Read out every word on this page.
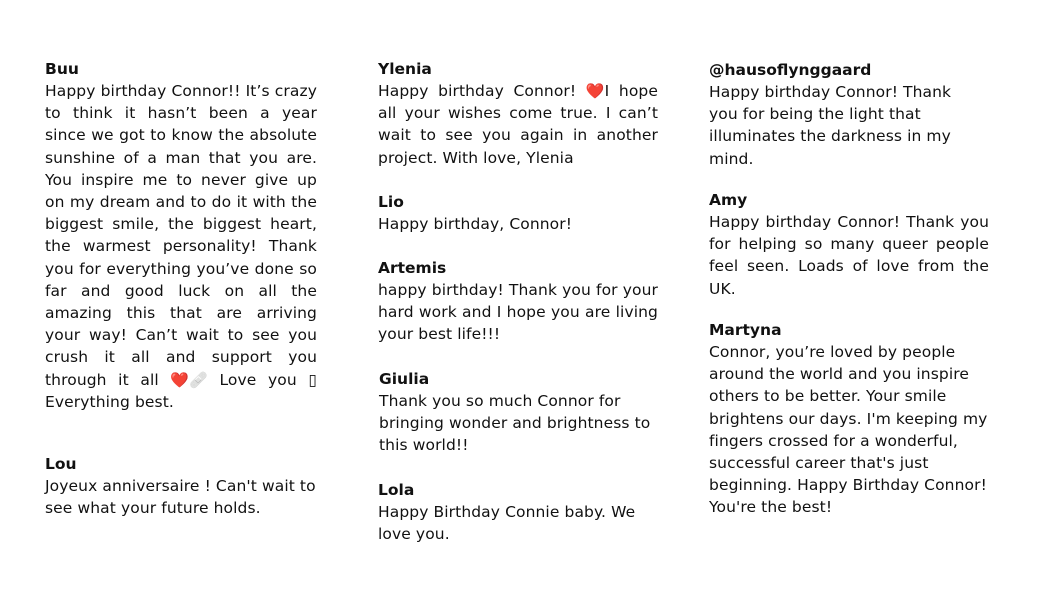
Buu

Happy birthday Connor!! It’s crazy to think it hasn’t been a year since we got to know the absolute sunshine of a man that you are. You inspire me to never give up on my dream and to do it with the biggest smile, the biggest heart, the warmest personality! Thank you for everything you’ve done so far and good luck on all the amazing this that are arriving your way! Can’t wait to see you crush it all and support you through it all ❤️🩹 Love you ▯ Everything best.

Lou

Joyeux anniversaire ! Can't wait to see what your future holds.

Ylenia

Happy birthday Connor! ❤️I hope all your wishes come true. I can’t wait to see you again in another project. With love, Ylenia

Lio

Happy birthday, Connor!

Artemis

happy birthday! Thank you for your hard work and I hope you are living your best life!!!

Giulia

Thank you so much Connor for bringing wonder and brightness to this world!!

Lola

Happy Birthday Connie baby. We love you.

@hausoflynggaard

Happy birthday Connor! Thank you for being the light that illuminates the darkness in my mind.

Amy

Happy birthday Connor! Thank you for helping so many queer people feel seen. Loads of love from the UK.

Martyna

Connor, you’re loved by people around the world and you inspire others to be better. Your smile brightens our days. I'm keeping my fingers crossed for a wonderful, successful career that's just beginning. Happy Birthday Connor! You're the best!
